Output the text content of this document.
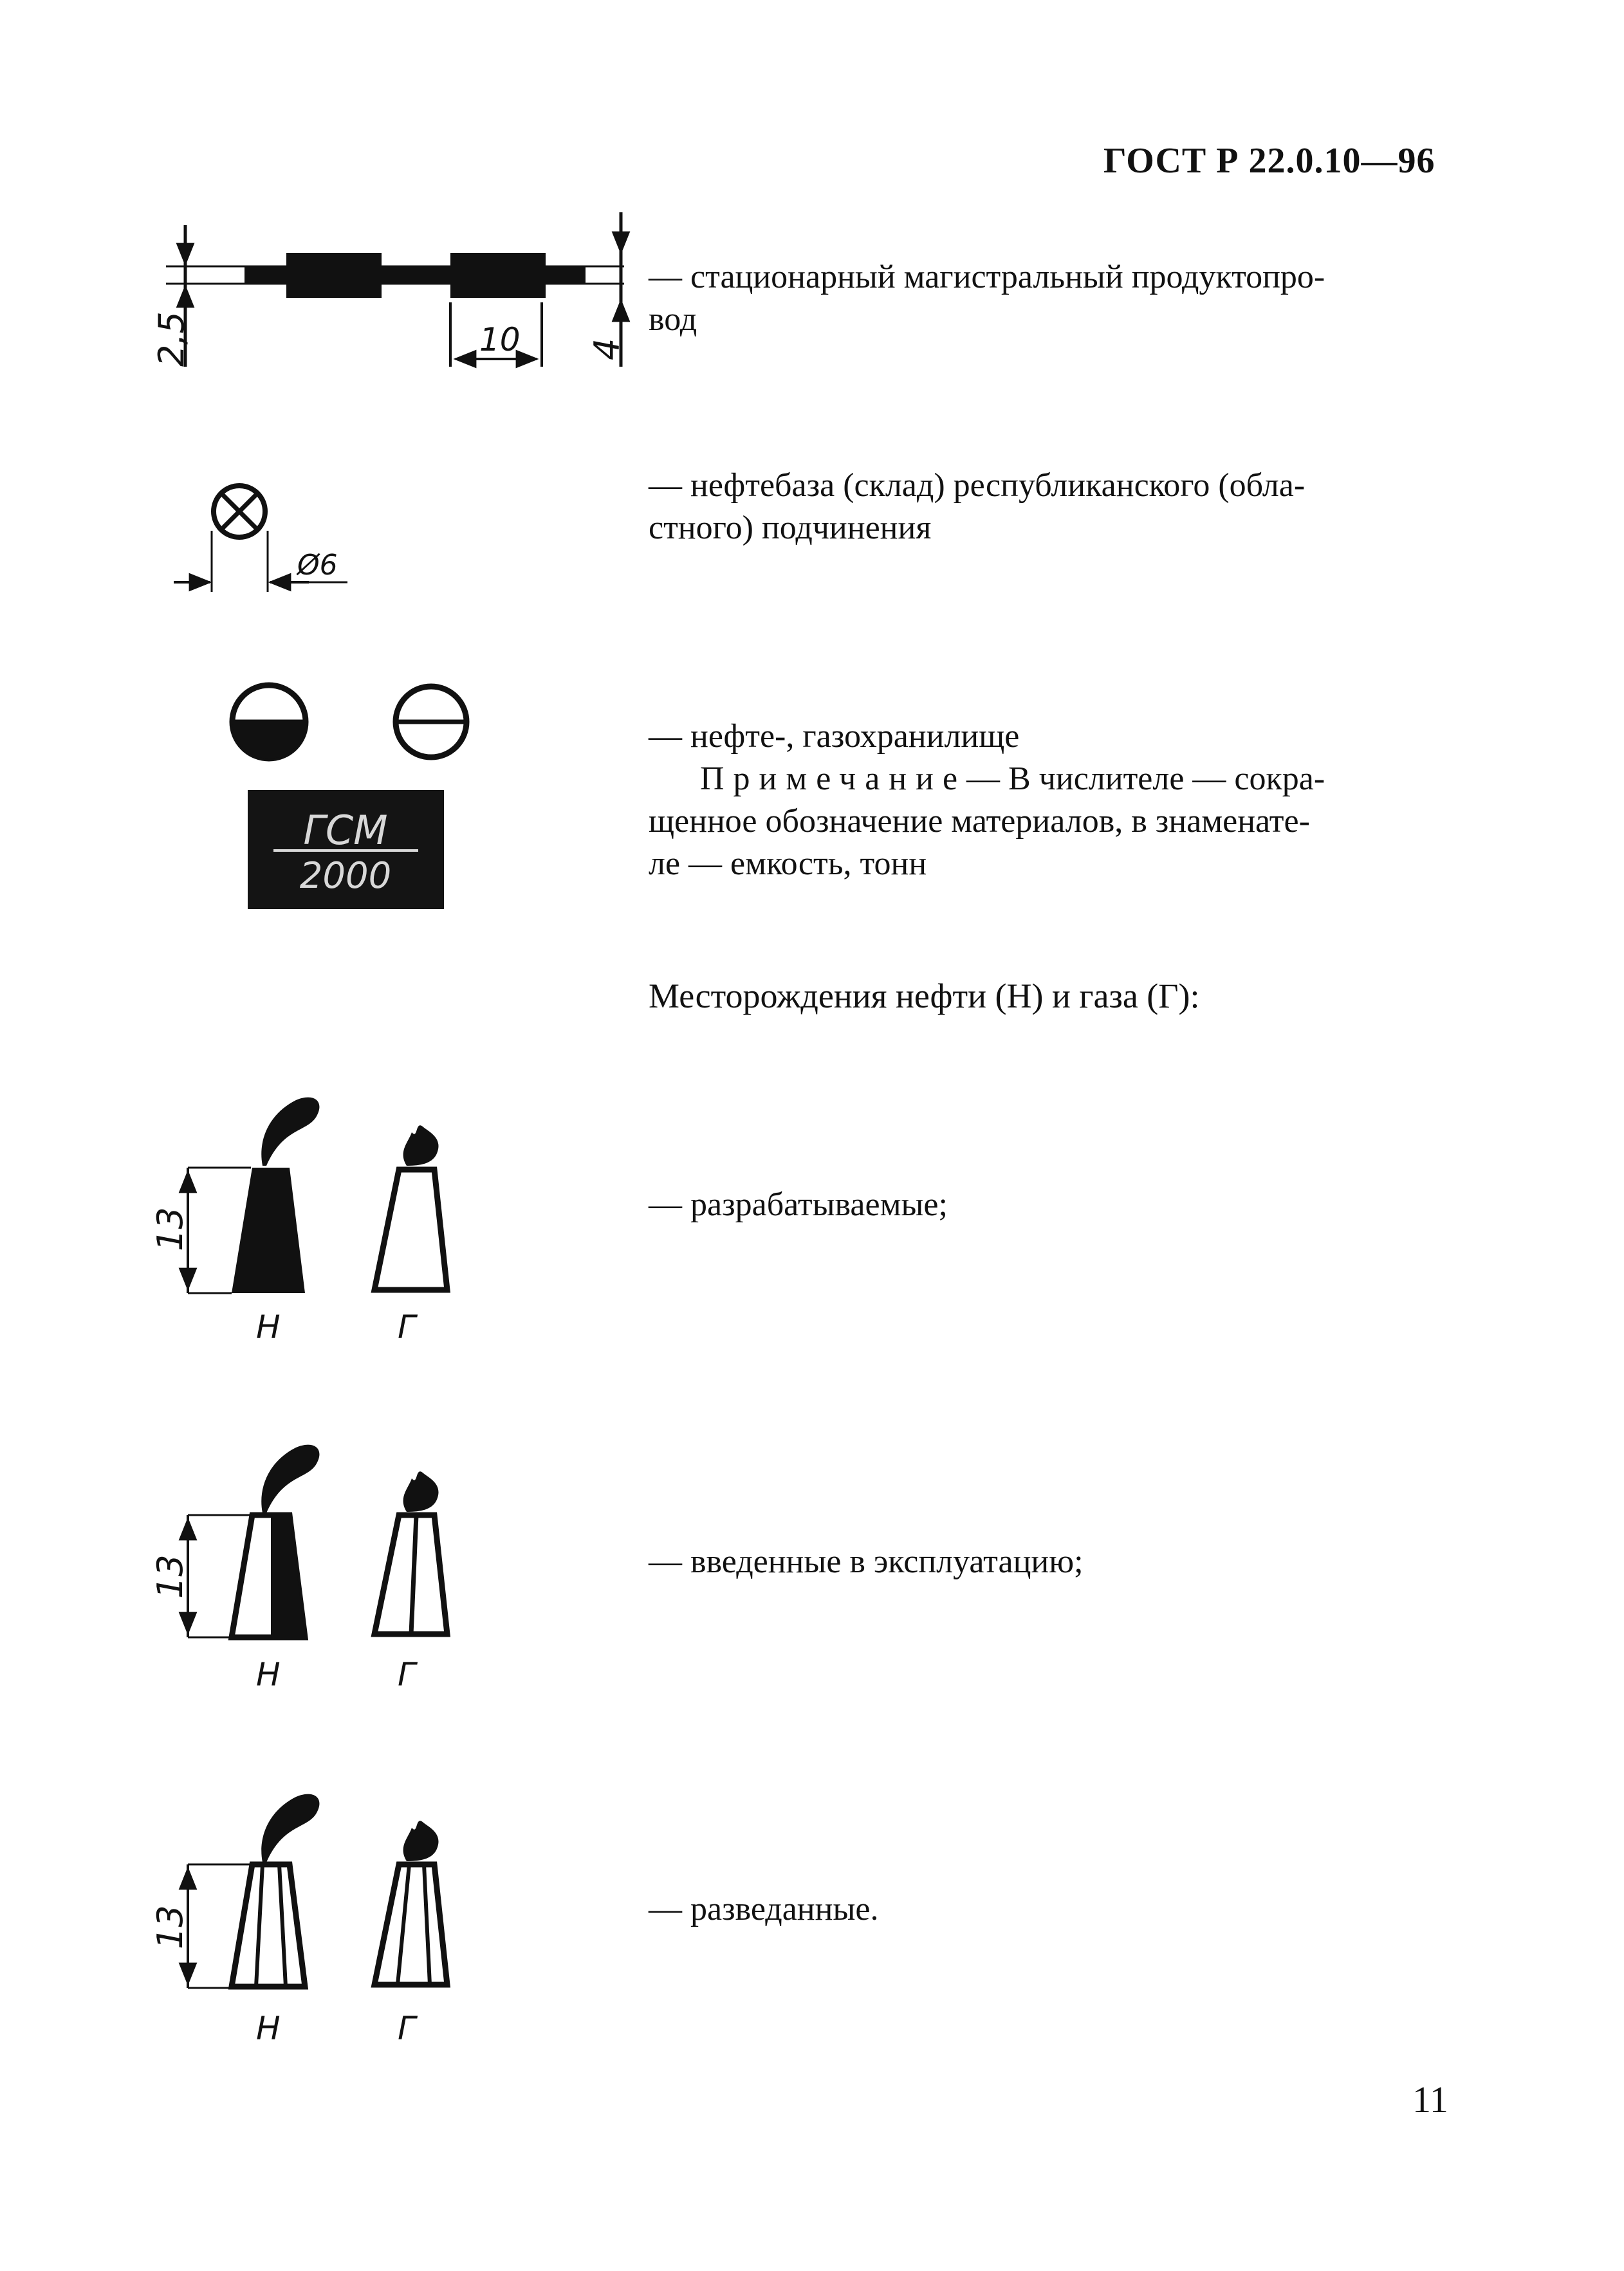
ГОСТ Р 22.0.10—96
2,5	10 4
Ø6
ГСМ
2000
13
Н	Г
13
Н	Г
13
Н	Г

— стационарный магистральный продуктопро-
вод

— нефтебаза (склад) республиканского (обла-
стного) подчинения

— нефте-, газохранилище

Примечание— В числителе — сокра-
щенное обозначение материалов, в знаменате-
ле — емкость, тонн

Месторождения нефти (Н) и газа (Г):

— разрабатываемые;

— введенные в эксплуатацию;

— разведанные.

11
